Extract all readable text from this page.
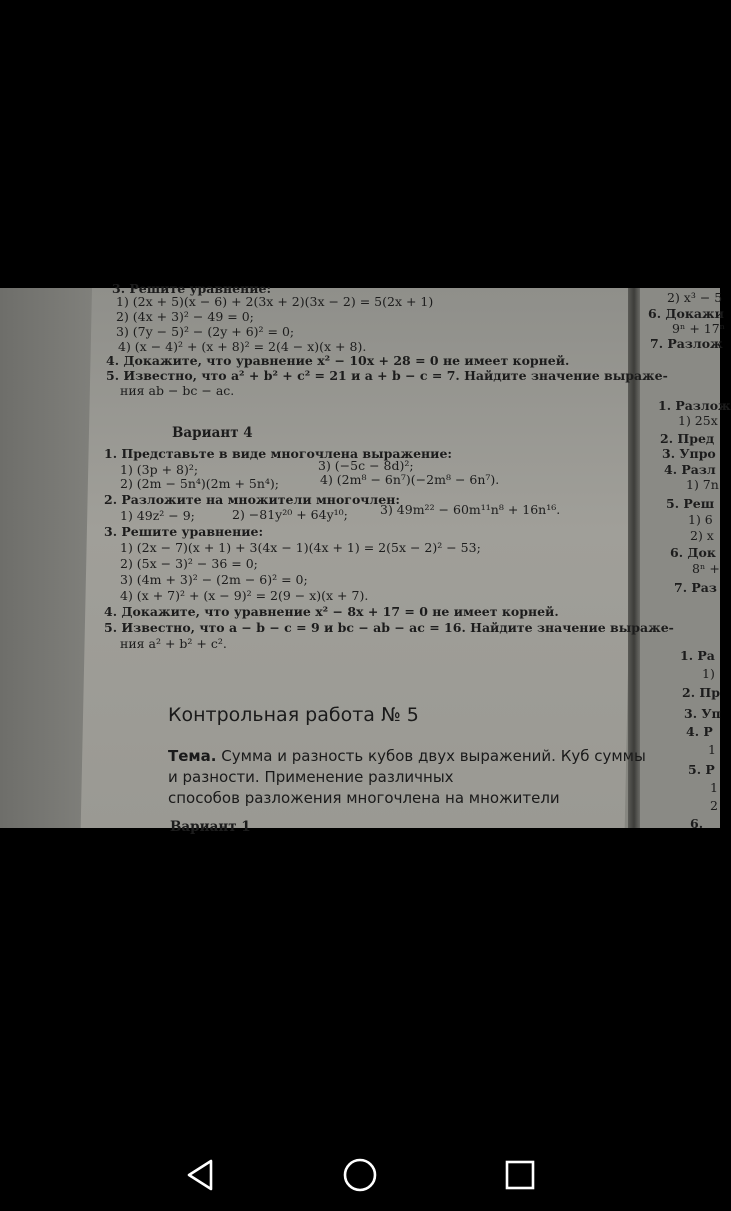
3. Решите уравнение:
1) (2x + 5)(x − 6) + 2(3x + 2)(3x − 2) = 5(2x + 1)
2) (4x + 3)² − 49 = 0;
3) (7y − 5)² − (2y + 6)² = 0;
4) (x − 4)² + (x + 8)² = 2(4 − x)(x + 8).
4. Докажите, что уравнение x² − 10x + 28 = 0 не имеет корней.
5. Известно, что a² + b² + c² = 21 и a + b − c = 7. Найдите значение выраже-
ния ab − bc − ac.
Вариант 4
1. Представьте в виде многочлена выражение:
1) (3p + 8)²;	3) (−5c − 8d)²;
2) (2m − 5n⁴)(2m + 5n⁴);	4) (2m⁸ − 6n⁷)(−2m⁸ − 6n⁷).
2. Разложите на множители многочлен:
1) 49z² − 9;	2) −81y²⁰ + 64y¹⁰;	3) 49m²² − 60m¹¹n⁸ + 16n¹⁶.
3. Решите уравнение:
1) (2x − 7)(x + 1) + 3(4x − 1)(4x + 1) = 2(5x − 2)² − 53;
2) (5x − 3)² − 36 = 0;
3) (4m + 3)² − (2m − 6)² = 0;
4) (x + 7)² + (x − 9)² = 2(9 − x)(x + 7).
4. Докажите, что уравнение x² − 8x + 17 = 0 не имеет корней.
5. Известно, что a − b − c = 9 и bc − ab − ac = 16. Найдите значение выраже-
ния a² + b² + c².
Контрольная работа № 5
Тема. Сумма и разность кубов двух выражений. Куб суммы
и разности. Применение различных
способов разложения многочлена на множители
Вариант 1
2) x³ − 5
6. Докажи
9ⁿ + 17ⁿ
7. Разлож
1. Разлож
1) 25x
2. Пред
3. Упро
4. Разл
1) 7n
5. Реш
1) 6
2) x
6. Док
8ⁿ +
7. Раз
1. Ра
1)
2. Пр
3. Уп
4. Р
1
5. Р
1
2
6.
